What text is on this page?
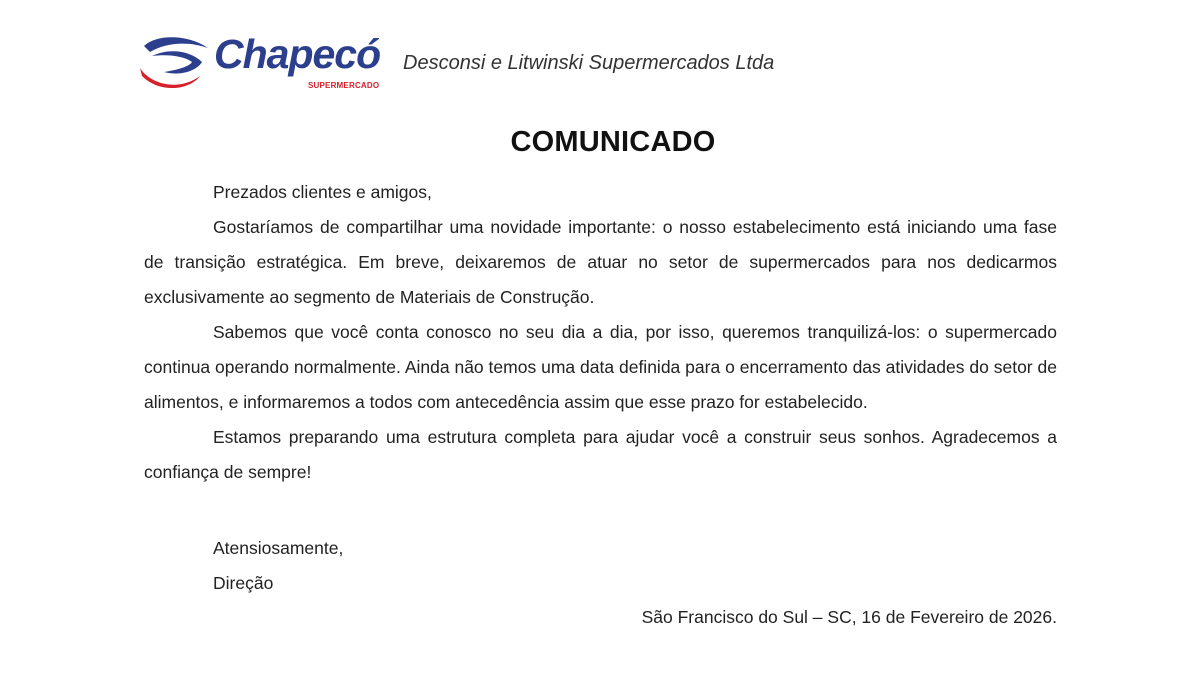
Chapecó
SUPERMERCADO
Desconsi e Litwinski Supermercados Ltda
COMUNICADO

Prezados clientes e amigos,

Gostaríamos de compartilhar uma novidade importante: o nosso estabelecimento está iniciando uma fase de transição estratégica. Em breve, deixaremos de atuar no setor de supermercados para nos dedicarmos exclusivamente ao segmento de Materiais de Construção.

Sabemos que você conta conosco no seu dia a dia, por isso, queremos tranquilizá-los: o supermercado continua operando normalmente. Ainda não temos uma data definida para o encerramento das atividades do setor de alimentos, e informaremos a todos com antecedência assim que esse prazo for estabelecido.

Estamos preparando uma estrutura completa para ajudar você a construir seus sonhos. Agradecemos a confiança de sempre!

Atensiosamente,
Direção
São Francisco do Sul – SC, 16 de Fevereiro de 2026.
